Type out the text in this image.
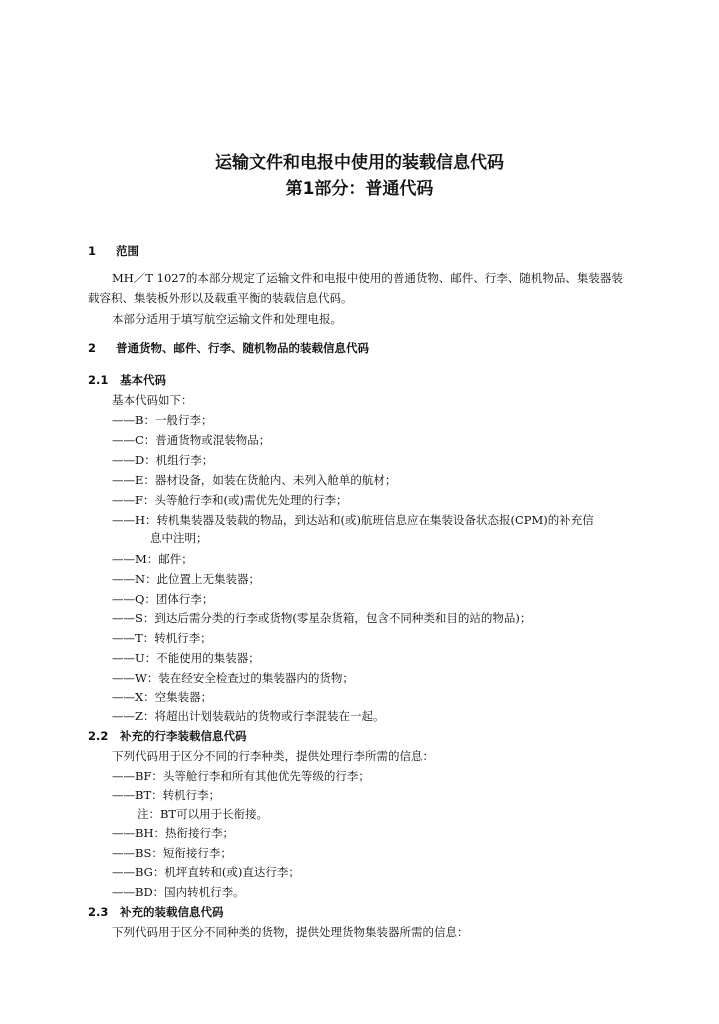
运输文件和电报中使用的装载信息代码
第1部分：普通代码
1 范围
MH／T 1027的本部分规定了运输文件和电报中使用的普通货物、邮件、行李、随机物品、集装器装
载容积、集装板外形以及载重平衡的装载信息代码。
本部分适用于填写航空运输文件和处理电报。
2 普通货物、邮件、行李、随机物品的装载信息代码
2.1 基本代码
基本代码如下：
——B：一般行李；
——C：普通货物或混装物品；
——D：机组行李；
——E：器材设备，如装在货舱内、未列入舱单的航材；
——F：头等舱行李和(或)需优先处理的行李；
——H：转机集装器及装载的物品，到达站和(或)航班信息应在集装设备状态报(CPM)的补充信
息中注明；
——M：邮件；
——N：此位置上无集装器；
——Q：团体行李；
——S：到达后需分类的行李或货物(零星杂货箱，包含不同种类和目的站的物品)；
——T：转机行李；
——U：不能使用的集装器；
——W：装在经安全检查过的集装器内的货物；
——X：空集装器；
——Z：将超出计划装载站的货物或行李混装在一起。
2.2 补充的行李装载信息代码
下列代码用于区分不同的行李种类，提供处理行李所需的信息：
——BF：头等舱行李和所有其他优先等级的行李；
——BT：转机行李；
注：BT可以用于长衔接。
——BH：热衔接行李；
——BS：短衔接行李；
——BG：机坪直转和(或)直达行李；
——BD：国内转机行李。
2.3 补充的装载信息代码
下列代码用于区分不同种类的货物，提供处理货物集装器所需的信息：
